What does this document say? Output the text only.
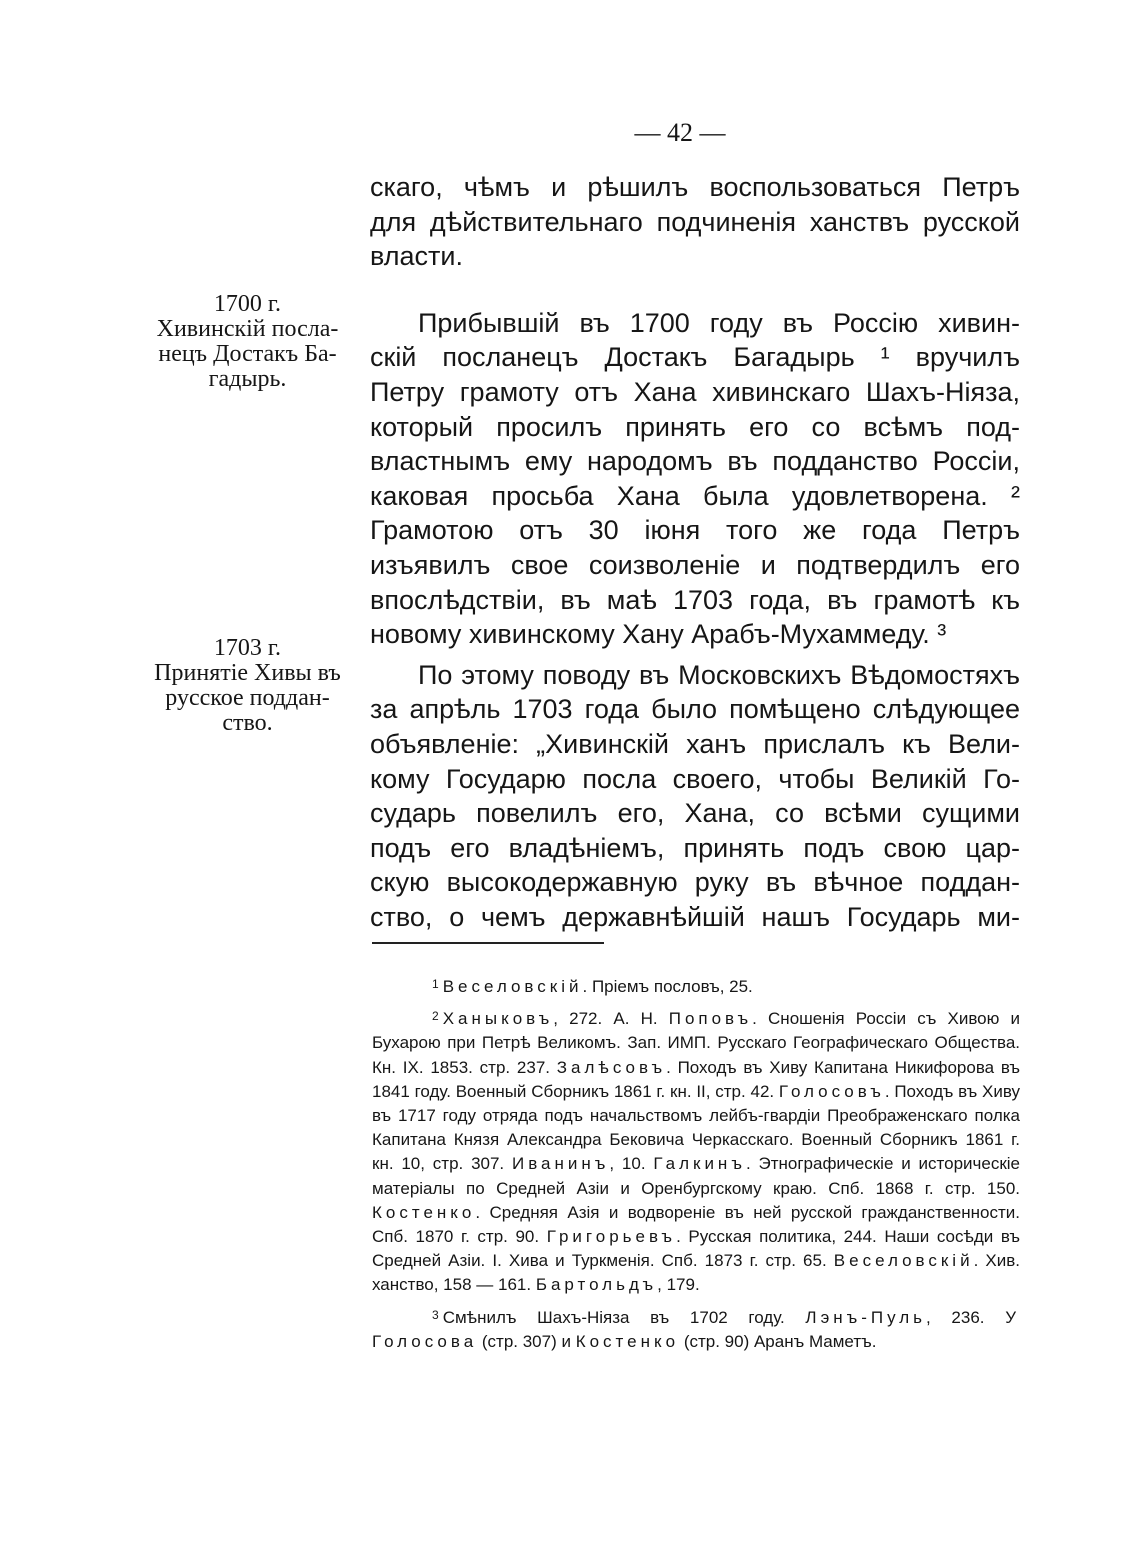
— 42 —
1700 г.
Хивинскій посла-
нецъ Достакъ Ба-
гадырь.
1703 г.
Принятіе Хивы въ
русское поддан-
ство.

скаго, чѣмъ и рѣшилъ воспользоваться Петръ

для дѣйствительнаго подчиненія ханствъ русской

власти.

Прибывшій въ 1700 году въ Россію хивин-

скій посланецъ Достакъ Багадырь ¹ вручилъ

Петру грамоту отъ Хана хивинскаго Шахъ-Ніяза,

который просилъ принять его со всѣмъ под-

властнымъ ему народомъ въ подданство Россіи,

каковая просьба Хана была удовлетворена. ²

Грамотою отъ 30 іюня того же года Петръ

изъявилъ свое соизволеніе и подтвердилъ его

впослѣдствіи, въ маѣ 1703 года, въ грамотѣ къ

новому хивинскому Хану Арабъ-Мухаммеду. ³

По этому поводу въ Московскихъ Вѣдомостяхъ

за апрѣль 1703 года было помѣщено слѣдующее

объявленіе: „Хивинскій ханъ прислалъ къ Вели-

кому Государю посла своего, чтобы Великій Го-

сударь повелилъ его, Хана, со всѣми сущими

подъ его владѣніемъ, принять подъ свою цар-

скую высокодержавную руку въ вѣчное поддан-

ство, о чемъ державнѣйшій нашъ Государь ми-

$^1$ Веселовскій. Пріемъ пословъ, 25.

$^2$ Ханыковъ, 272. А. Н. Поповъ. Сношенія Россіи съ Хивою и Бухарою при Петрѣ Великомъ. Зап. ИМП. Русскаго Географическаго Общества. Кн. IX. 1853. стр. 237. Залѣсовъ. Походъ въ Хиву Капитана Никифорова въ 1841 году. Военный Сборникъ 1861 г. кн. II, стр. 42. Голосовъ. Походъ въ Хиву въ 1717 году отряда подъ начальствомъ лейбъ-гвардіи Преображенскаго полка Капитана Князя Александра Бековича Черкасскаго. Военный Сборникъ 1861 г. кн. 10, стр. 307. Иванинъ, 10. Галкинъ. Этнографическіе и историческіе матеріалы по Средней Азіи и Оренбургскому краю. Спб. 1868 г. стр. 150. Костенко. Средняя Азія и водвореніе въ ней русской гражданственности. Спб. 1870 г. стр. 90. Григорьевъ. Русская политика, 244. Наши сосѣди въ Средней Азіи. I. Хива и Туркменія. Спб. 1873 г. стр. 65. Веселовскій. Хив. ханство, 158 — 161. Бартольдъ, 179.

$^3$ Смѣнилъ Шахъ-Ніяза въ 1702 году. Лэнъ-Пуль, 236. У Голосова (стр. 307) и Костенко (стр. 90) Аранъ Маметъ.
